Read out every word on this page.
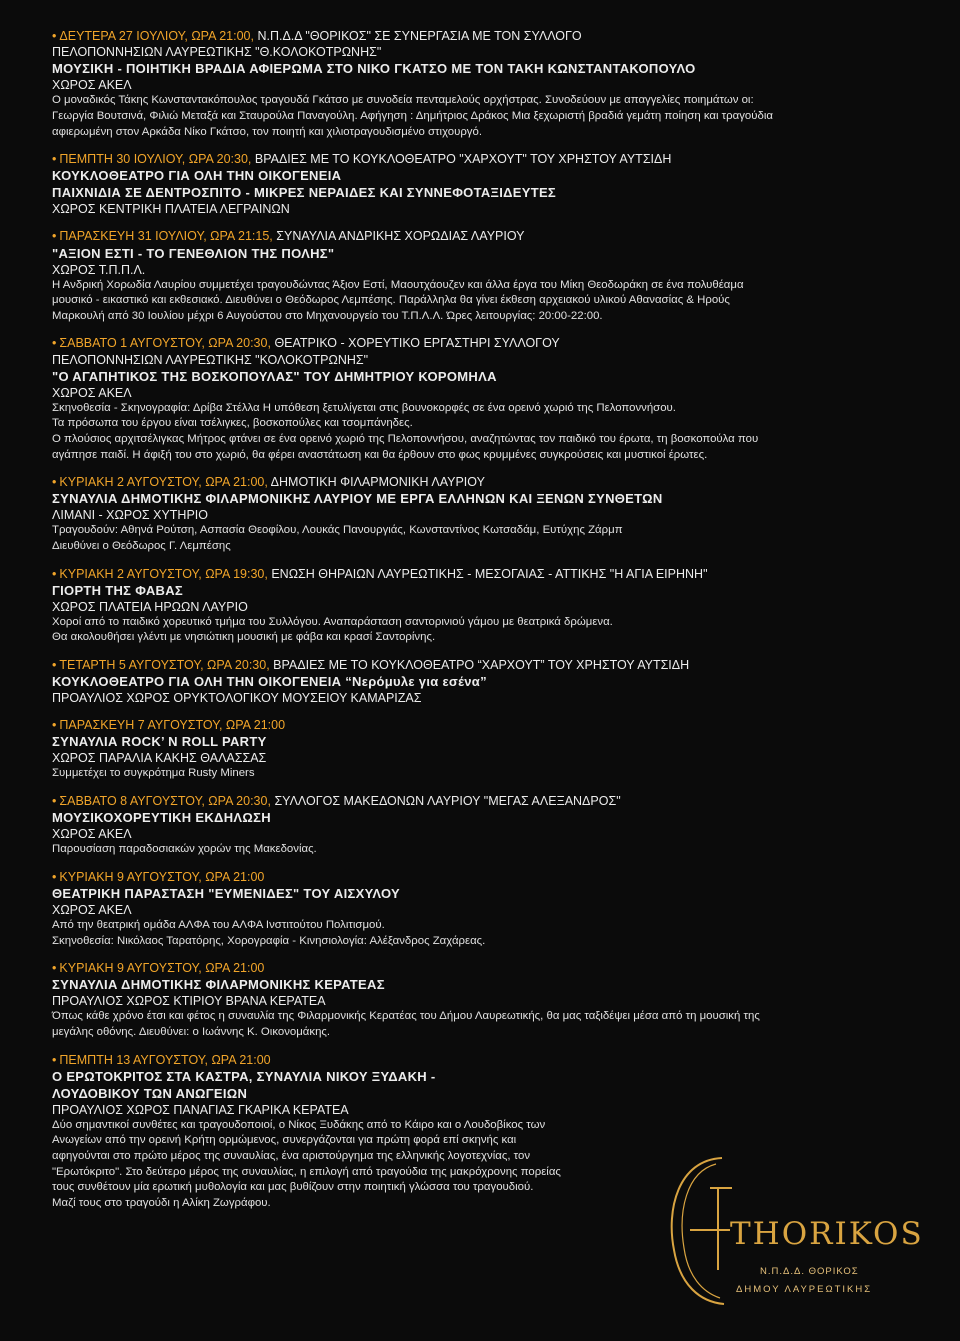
• ΔΕΥΤΕΡΑ 27 ΙΟΥΛΙΟΥ, ΩΡΑ 21:00, Ν.Π.Δ.Δ "ΘΟΡΙΚΟΣ" ΣΕ ΣΥΝΕΡΓΑΣΙΑ ΜΕ ΤΟΝ ΣΥΛΛΟΓΟ
ΠΕΛΟΠΟΝΝΗΣΙΩΝ ΛΑΥΡΕΩΤΙΚΗΣ "Θ.ΚΟΛΟΚΟΤΡΩΝΗΣ"
ΜΟΥΣΙΚΗ - ΠΟΙΗΤΙΚΗ ΒΡΑΔΙΑ ΑΦΙΕΡΩΜΑ ΣΤΟ ΝΙΚΟ ΓΚΑΤΣΟ ΜΕ ΤΟΝ ΤΑΚΗ ΚΩΝΣΤΑΝΤΑΚΟΠΟΥΛΟ
ΧΩΡΟΣ ΑΚΕΛ
Ο μοναδικός Τάκης Κωνσταντακόπουλος τραγουδά Γκάτσο με συνοδεία πενταμελούς ορχήστρας. Συνοδεύουν με απαγγελίες ποιημάτων οι:
Γεωργία Βουτσινά, Φιλιώ Μεταξά και Σταυρούλα Παναγούλη. Αφήγηση : Δημήτριος Δράκος Μια ξεχωριστή βραδιά γεμάτη ποίηση και τραγούδια
αφιερωμένη στον Αρκάδα Νίκο Γκάτσο, τον ποιητή και χιλιοτραγουδισμένο στιχουργό.
• ΠΕΜΠΤΗ 30 ΙΟΥΛΙΟΥ, ΩΡΑ 20:30, ΒΡΑΔΙΕΣ ΜΕ ΤΟ ΚΟΥΚΛΟΘΕΑΤΡΟ "ΧΑΡΧΟΥΤ" ΤΟΥ ΧΡΗΣΤΟΥ ΑΥΤΣΙΔΗ
ΚΟΥΚΛΟΘΕΑΤΡΟ ΓΙΑ ΟΛΗ ΤΗΝ ΟΙΚΟΓΕΝΕΙΑ
ΠΑΙΧΝΙΔΙΑ ΣΕ ΔΕΝΤΡΟΣΠΙΤΟ - ΜΙΚΡΕΣ ΝΕΡΑΙΔΕΣ ΚΑΙ ΣΥΝΝΕΦΟΤΑΞΙΔΕΥΤΕΣ
ΧΩΡΟΣ ΚΕΝΤΡΙΚΗ ΠΛΑΤΕΙΑ ΛΕΓΡΑΙΝΩΝ
• ΠΑΡΑΣΚΕΥΗ 31 ΙΟΥΛΙΟΥ, ΩΡΑ 21:15, ΣΥΝΑΥΛΙΑ ΑΝΔΡΙΚΗΣ ΧΟΡΩΔΙΑΣ ΛΑΥΡΙΟΥ
"ΑΞΙΟΝ ΕΣΤΙ - ΤΟ ΓΕΝΕΘΛΙΟΝ ΤΗΣ ΠΟΛΗΣ"
ΧΩΡΟΣ Τ.Π.Π.Λ.
Η Ανδρική Χορωδία Λαυρίου συμμετέχει τραγουδώντας Άξιον Εστί, Μαουτχάουζεν και άλλα έργα του Μίκη Θεοδωράκη σε ένα πολυθέαμα
μουσικό - εικαστικό και εκθεσιακό. Διευθύνει ο Θεόδωρος Λεμπέσης. Παράλληλα θα γίνει έκθεση αρχειακού υλικού Αθανασίας & Ηρούς
Μαρκουλή από 30 Ιουλίου μέχρι 6 Αυγούστου στο Μηχανουργείο του Τ.Π.Λ.Λ. Ώρες λειτουργίας: 20:00-22:00.
• ΣΑΒΒΑΤΟ 1 ΑΥΓΟΥΣΤΟΥ, ΩΡΑ 20:30, ΘΕΑΤΡΙΚΟ - ΧΟΡΕΥΤΙΚΟ ΕΡΓΑΣΤΗΡΙ ΣΥΛΛΟΓΟΥ
ΠΕΛΟΠΟΝΝΗΣΙΩΝ ΛΑΥΡΕΩΤΙΚΗΣ "ΚΟΛΟΚΟΤΡΩΝΗΣ"
"Ο ΑΓΑΠΗΤΙΚΟΣ ΤΗΣ ΒΟΣΚΟΠΟΥΛΑΣ" ΤΟΥ ΔΗΜΗΤΡΙΟΥ ΚΟΡΟΜΗΛΑ
ΧΩΡΟΣ ΑΚΕΛ
Σκηνοθεσία - Σκηνογραφία: Δρίβα Στέλλα Η υπόθεση ξετυλίγεται στις βουνοκορφές σε ένα ορεινό χωριό της Πελοποννήσου.
Τα πρόσωπα του έργου είναι τσέλιγκες, βοσκοπούλες και τσομπάνηδες.
Ο πλούσιος αρχιτσέλιγκας Μήτρος φτάνει σε ένα ορεινό χωριό της Πελοποννήσου, αναζητώντας τον παιδικό του έρωτα, τη βοσκοπούλα που
αγάπησε παιδί. Η άφιξή του στο χωριό, θα φέρει αναστάτωση και θα έρθουν στο φως κρυμμένες συγκρούσεις και μυστικοί έρωτες.
• ΚΥΡΙΑΚΗ 2 ΑΥΓΟΥΣΤΟΥ, ΩΡΑ 21:00, ΔΗΜΟΤΙΚΗ ΦΙΛΑΡΜΟΝΙΚΗ ΛΑΥΡΙΟΥ
ΣΥΝΑΥΛΙΑ ΔΗΜΟΤΙΚΗΣ ΦΙΛΑΡΜΟΝΙΚΗΣ ΛΑΥΡΙΟΥ ΜΕ ΕΡΓΑ ΕΛΛΗΝΩΝ ΚΑΙ ΞΕΝΩΝ ΣΥΝΘΕΤΩΝ
ΛΙΜΑΝΙ - ΧΩΡΟΣ ΧΥΤΗΡΙΟ
Τραγουδούν: Αθηνά Ρούτση, Ασπασία Θεοφίλου, Λουκάς Πανουργιάς, Κωνσταντίνος Κωτσαδάμ, Ευτύχης Ζάρμπ
Διευθύνει ο Θεόδωρος Γ. Λεμπέσης
• ΚΥΡΙΑΚΗ 2 ΑΥΓΟΥΣΤΟΥ, ΩΡΑ 19:30, ΕΝΩΣΗ ΘΗΡΑΙΩΝ ΛΑΥΡΕΩΤΙΚΗΣ - ΜΕΣΟΓΑΙΑΣ - ΑΤΤΙΚΗΣ "Η ΑΓΙΑ ΕΙΡΗΝΗ"
ΓΙΟΡΤΗ ΤΗΣ ΦΑΒΑΣ
ΧΩΡΟΣ ΠΛΑΤΕΙΑ ΗΡΩΩΝ ΛΑΥΡΙΟ
Χοροί από το παιδικό χορευτικό τμήμα του Συλλόγου. Αναπαράσταση σαντορινιού γάμου με θεατρικά δρώμενα.
Θα ακολουθήσει γλέντι με νησιώτικη μουσική με φάβα και κρασί Σαντορίνης.
• ΤΕΤΑΡΤΗ 5 ΑΥΓΟΥΣΤΟΥ, ΩΡΑ 20:30, ΒΡΑΔΙΕΣ ΜΕ ΤΟ ΚΟΥΚΛΟΘΕΑΤΡΟ “ΧΑΡΧΟΥΤ” ΤΟΥ ΧΡΗΣΤΟΥ ΑΥΤΣΙΔΗ
ΚΟΥΚΛΟΘΕΑΤΡΟ ΓΙΑ ΟΛΗ ΤΗΝ ΟΙΚΟΓΕΝΕΙΑ “Νερόμυλε για εσένα”
ΠΡΟΑΥΛΙΟΣ ΧΩΡΟΣ ΟΡΥΚΤΟΛΟΓΙΚΟΥ ΜΟΥΣΕΙΟΥ ΚΑΜΑΡΙΖΑΣ
• ΠΑΡΑΣΚΕΥΗ 7 ΑΥΓΟΥΣΤΟΥ, ΩΡΑ 21:00
ΣΥΝΑΥΛΙΑ ROCK’ N ROLL PARTY
ΧΩΡΟΣ ΠΑΡΑΛΙΑ ΚΑΚΗΣ ΘΑΛΑΣΣΑΣ
Συμμετέχει το συγκρότημα Rusty Miners
• ΣΑΒΒΑΤΟ 8 ΑΥΓΟΥΣΤΟΥ, ΩΡΑ 20:30, ΣΥΛΛΟΓΟΣ ΜΑΚΕΔΟΝΩΝ ΛΑΥΡΙΟΥ "ΜΕΓΑΣ ΑΛΕΞΑΝΔΡΟΣ"
ΜΟΥΣΙΚΟΧΟΡΕΥΤΙΚΗ ΕΚΔΗΛΩΣΗ
ΧΩΡΟΣ ΑΚΕΛ
Παρουσίαση παραδοσιακών χορών της Μακεδονίας.
• ΚΥΡΙΑΚΗ 9 ΑΥΓΟΥΣΤΟΥ, ΩΡΑ 21:00
ΘΕΑΤΡΙΚΗ ΠΑΡΑΣΤΑΣΗ "ΕΥΜΕΝΙΔΕΣ" ΤΟΥ ΑΙΣΧΥΛΟΥ
ΧΩΡΟΣ ΑΚΕΛ
Από την θεατρική ομάδα ΑΛΦΑ του ΑΛΦΑ Ινστιτούτου Πολιτισμού.
Σκηνοθεσία: Νικόλαος Ταρατόρης, Χορογραφία - Κινησιολογία: Αλέξανδρος Ζαχάρεας.
• ΚΥΡΙΑΚΗ 9 ΑΥΓΟΥΣΤΟΥ, ΩΡΑ 21:00
ΣΥΝΑΥΛΙΑ ΔΗΜΟΤΙΚΗΣ ΦΙΛΑΡΜΟΝΙΚΗΣ ΚΕΡΑΤΕΑΣ
ΠΡΟΑΥΛΙΟΣ ΧΩΡΟΣ ΚΤΙΡΙΟΥ ΒΡΑΝΑ ΚΕΡΑΤΕΑ
Όπως κάθε χρόνο έτσι και φέτος η συναυλία της Φιλαρμονικής Κερατέας του Δήμου Λαυρεωτικής, θα μας ταξιδέψει μέσα από τη μουσική της
μεγάλης οθόνης. Διευθύνει: ο Ιωάννης Κ. Οικονομάκης.
• ΠΕΜΠΤΗ 13 ΑΥΓΟΥΣΤΟΥ, ΩΡΑ 21:00
Ο ΕΡΩΤΟΚΡΙΤΟΣ ΣΤΑ ΚΑΣΤΡΑ, ΣΥΝΑΥΛΙΑ ΝΙΚΟΥ ΞΥΔΑΚΗ -
ΛΟΥΔΟΒΙΚΟΥ ΤΩΝ ΑΝΩΓΕΙΩΝ
ΠΡΟΑΥΛΙΟΣ ΧΩΡΟΣ ΠΑΝΑΓΙΑΣ ΓΚΑΡΙΚΑ ΚΕΡΑΤΕΑ
Δύο σημαντικοί συνθέτες και τραγουδοποιοί, ο Νίκος Ξυδάκης από το Κάιρο και ο Λουδοβίκος των
Ανωγείων από την ορεινή Κρήτη ορμώμενος, συνεργάζονται για πρώτη φορά επί σκηνής και
αφηγούνται στο πρώτο μέρος της συναυλίας, ένα αριστούργημα της ελληνικής λογοτεχνίας, τον
"Ερωτόκριτο". Στο δεύτερο μέρος της συναυλίας, η επιλογή από τραγούδια της μακρόχρονης πορείας
τους συνθέτουν μία ερωτική μυθολογία και μας βυθίζουν στην ποιητική γλώσσα του τραγουδιού.
Μαζί τους στο τραγούδι η Αλίκη Ζωγράφου.
THORIKOS
Ν.Π.Δ.Δ. ΘΟΡΙΚΟΣ
ΔΗΜΟΥ ΛΑΥΡΕΩΤΙΚΗΣ
